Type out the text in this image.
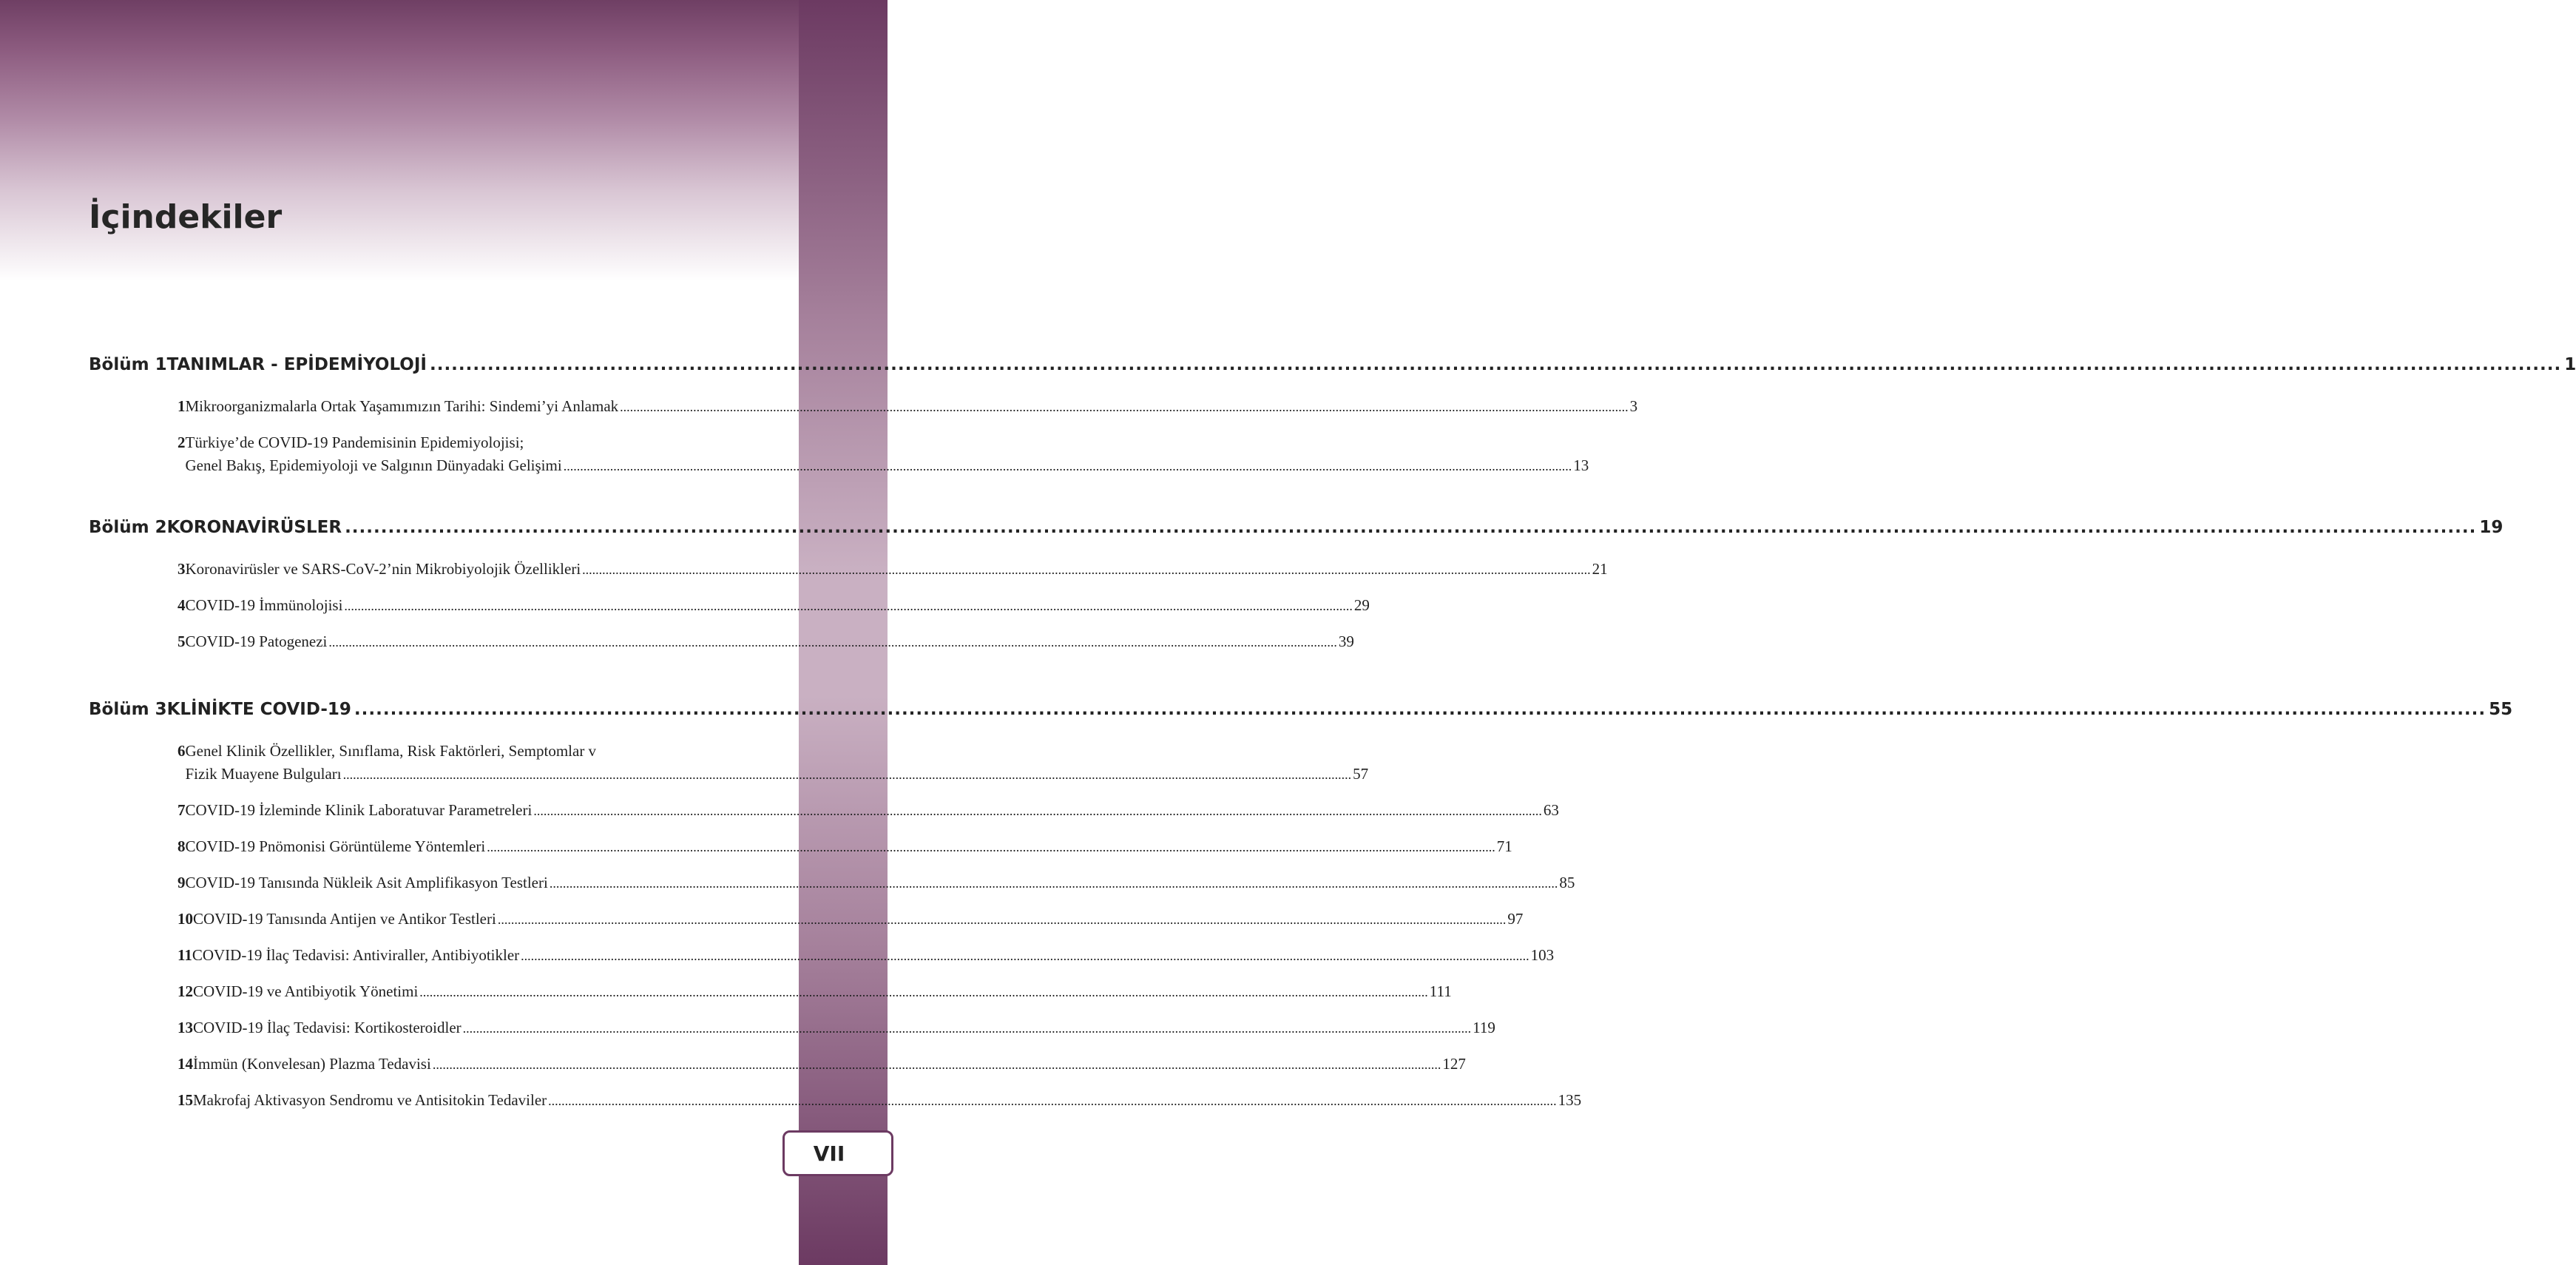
VII
İçindekiler
Bölüm 1 TANIMLAR - EPİDEMİYOLOJİ .....	1
1 Mikroorganizmalarla Ortak Yaşamımızın Tarihi: Sindemi’yi Anlamak .....	3
2 Türkiye’de COVID-19 Pandemisinin Epidemiyolojisi;
Genel Bakış, Epidemiyoloji ve Salgının Dünyadaki Gelişimi .....	13
Bölüm 2 KORONAVİRÜSLER .....	19
3 Koronavirüsler ve SARS-CoV-2’nin Mikrobiyolojik Özellikleri .....	21
4 COVID-19 İmmünolojisi .....	29
5 COVID-19 Patogenezi .....	39
Bölüm 3 KLİNİKTE COVID-19 .....	55
6 Genel Klinik Özellikler, Sınıflama, Risk Faktörleri, Semptomlar v
Fizik Muayene Bulguları .....	57
7 COVID-19 İzleminde Klinik Laboratuvar Parametreleri .....	63
8 COVID-19 Pnömonisi Görüntüleme Yöntemleri .....	71
9 COVID-19 Tanısında Nükleik Asit Amplifikasyon Testleri .....	85
10 COVID-19 Tanısında Antijen ve Antikor Testleri .....	97
11 COVID-19 İlaç Tedavisi: Antiviraller, Antibiyotikler .....	103
12 COVID-19 ve Antibiyotik Yönetimi .....	111
13 COVID-19 İlaç Tedavisi: Kortikosteroidler .....	119
14 İmmün (Konvelesan) Plazma Tedavisi .....	127
15 Makrofaj Aktivasyon Sendromu ve Antisitokin Tedaviler .....	135
